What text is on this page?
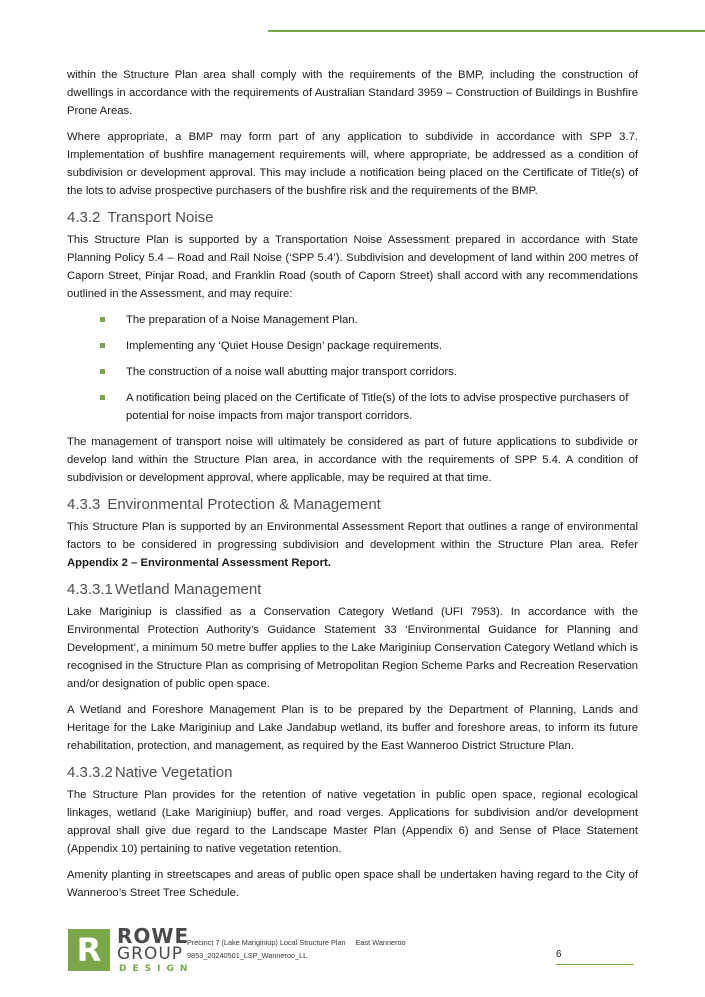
within the Structure Plan area shall comply with the requirements of the BMP, including the construction of dwellings in accordance with the requirements of Australian Standard 3959 – Construction of Buildings in Bushfire Prone Areas.

Where appropriate, a BMP may form part of any application to subdivide in accordance with SPP 3.7. Implementation of bushfire management requirements will, where appropriate, be addressed as a condition of subdivision or development approval. This may include a notification being placed on the Certificate of Title(s) of the lots to advise prospective purchasers of the bushfire risk and the requirements of the BMP.

4.3.2 Transport Noise

This Structure Plan is supported by a Transportation Noise Assessment prepared in accordance with State Planning Policy 5.4 – Road and Rail Noise (‘SPP 5.4’). Subdivision and development of land within 200 metres of Caporn Street, Pinjar Road, and Franklin Road (south of Caporn Street) shall accord with any recommendations outlined in the Assessment, and may require:

The preparation of a Noise Management Plan.
Implementing any ‘Quiet House Design’ package requirements.
The construction of a noise wall abutting major transport corridors.
A notification being placed on the Certificate of Title(s) of the lots to advise prospective purchasers of potential for noise impacts from major transport corridors.

The management of transport noise will ultimately be considered as part of future applications to subdivide or develop land within the Structure Plan area, in accordance with the requirements of SPP 5.4. A condition of subdivision or development approval, where applicable, may be required at that time.

4.3.3 Environmental Protection & Management

This Structure Plan is supported by an Environmental Assessment Report that outlines a range of environmental factors to be considered in progressing subdivision and development within the Structure Plan area. Refer Appendix 2 – Environmental Assessment Report.

4.3.3.1 Wetland Management

Lake Mariginiup is classified as a Conservation Category Wetland (UFI 7953). In accordance with the Environmental Protection Authority’s Guidance Statement 33 ‘Environmental Guidance for Planning and Development’, a minimum 50 metre buffer applies to the Lake Mariginiup Conservation Category Wetland which is recognised in the Structure Plan as comprising of Metropolitan Region Scheme Parks and Recreation Reservation and/or designation of public open space.

A Wetland and Foreshore Management Plan is to be prepared by the Department of Planning, Lands and Heritage for the Lake Mariginiup and Lake Jandabup wetland, its buffer and foreshore areas, to inform its future rehabilitation, protection, and management, as required by the East Wanneroo District Structure Plan.

4.3.3.2 Native Vegetation

The Structure Plan provides for the retention of native vegetation in public open space, regional ecological linkages, wetland (Lake Mariginiup) buffer, and road verges. Applications for subdivision and/or development approval shall give due regard to the Landscape Master Plan (Appendix 6) and Sense of Place Statement (Appendix 10) pertaining to native vegetation retention.

Amenity planting in streetscapes and areas of public open space shall be undertaken having regard to the City of Wanneroo’s Street Tree Schedule.

R ROWE
GROUP
DESIGN
Precinct 7 (Lake Mariginiup) Local Structure Plan East Wanneroo
9853_20240501_LSP_Wanneroo_LL	6
